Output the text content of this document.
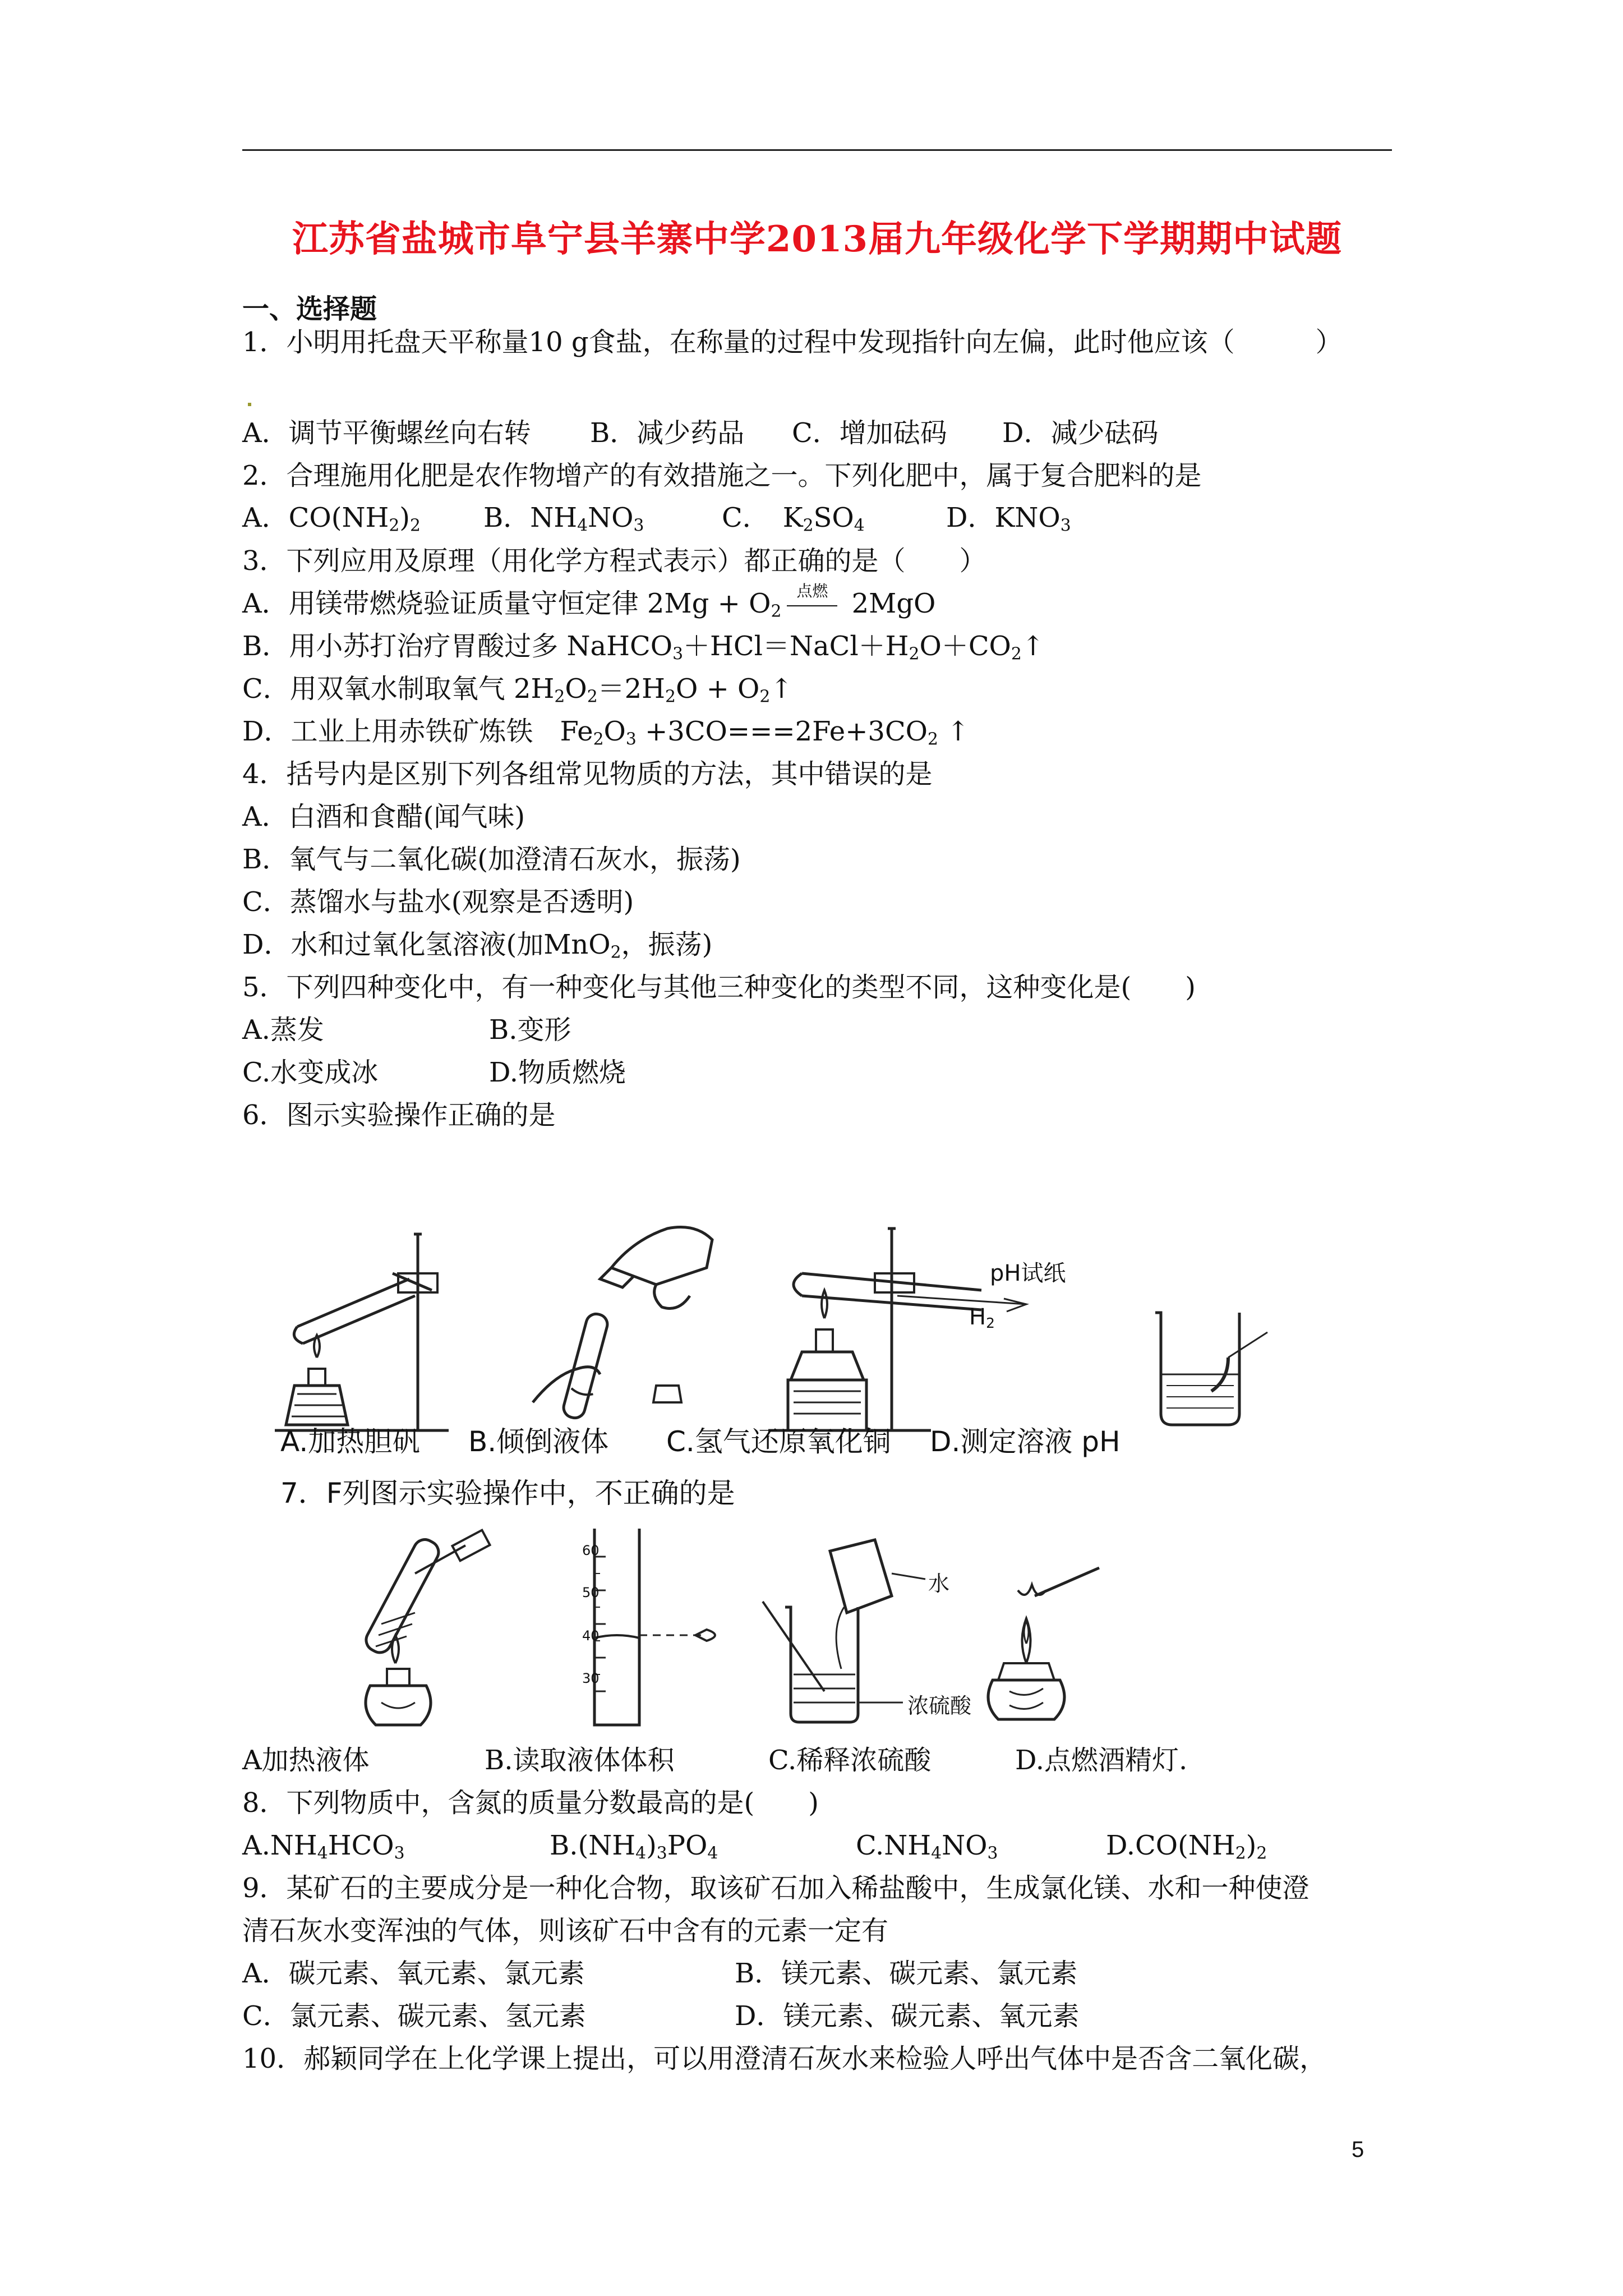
江苏省盐城市阜宁县羊寨中学2013届九年级化学下学期期中试题
一、选择题
1．小明用托盘天平称量10 g食盐，在称量的过程中发现指针向左偏，此时他应该（　　　）
A．调节平衡螺丝向右转 B．减少药品 C．增加砝码 D．减少砝码
2．合理施用化肥是农作物增产的有效措施之一。下列化肥中，属于复合肥料的是
A．$CO(NH_2)_2$ B．$NH_4NO_3$	C．　$K_2SO_4$	D．$KNO_3$
3．下列应用及原理（用化学方程式表示）都正确的是（　　）
A．用镁带燃烧验证质量守恒定律 $2Mg + O_2$
点燃 2MgO
B．用小苏打治疗胃酸过多 $NaHCO_3+HCl=NaCl+H_2O+CO_2↑$
C．用双氧水制取氧气 $2H_2O_2=2H_2O$ + $O_2↑$
D．工业上用赤铁矿炼铁　$Fe_2O_3 +3CO===2Fe+3CO_2$ ↑
4．括号内是区别下列各组常见物质的方法，其中错误的是
A．白酒和食醋(闻气味)
B．氧气与二氧化碳(加澄清石灰水，振荡)
C．蒸馏水与盐水(观察是否透明)
D．水和过氧化氢溶液(加MnO$_2$，振荡)
5．下列四种变化中，有一种变化与其他三种变化的类型不同，这种变化是(　　)
A.蒸发	B.变形
C.水变成冰	D.物质燃烧
6．图示实验操作正确的是
pH试纸
$H_2$
A.加热胆矾 B.倾倒液体 C.氢气还原氧化铜 D.测定溶液 pH
7．F列图示实验操作中，不正确的是
60
50
40
30
水
浓硫酸
A加热液体	B.读取液体体积	C.稀释浓硫酸	D.点燃酒精灯.
8．下列物质中，含氮的质量分数最高的是(　　)
$A.NH_4HCO_3$	$B.(NH_4)_3PO_4$	$C.NH_4NO_3$	$D.CO(NH_2)_2$
9．某矿石的主要成分是一种化合物，取该矿石加入稀盐酸中，生成氯化镁、水和一种使澄
清石灰水变浑浊的气体，则该矿石中含有的元素一定有
A．碳元素、氧元素、氯元素	B．镁元素、碳元素、氯元素
C．氯元素、碳元素、氢元素	D．镁元素、碳元素、氧元素
10．郝颖同学在上化学课上提出，可以用澄清石灰水来检验人呼出气体中是否含二氧化碳，
5
